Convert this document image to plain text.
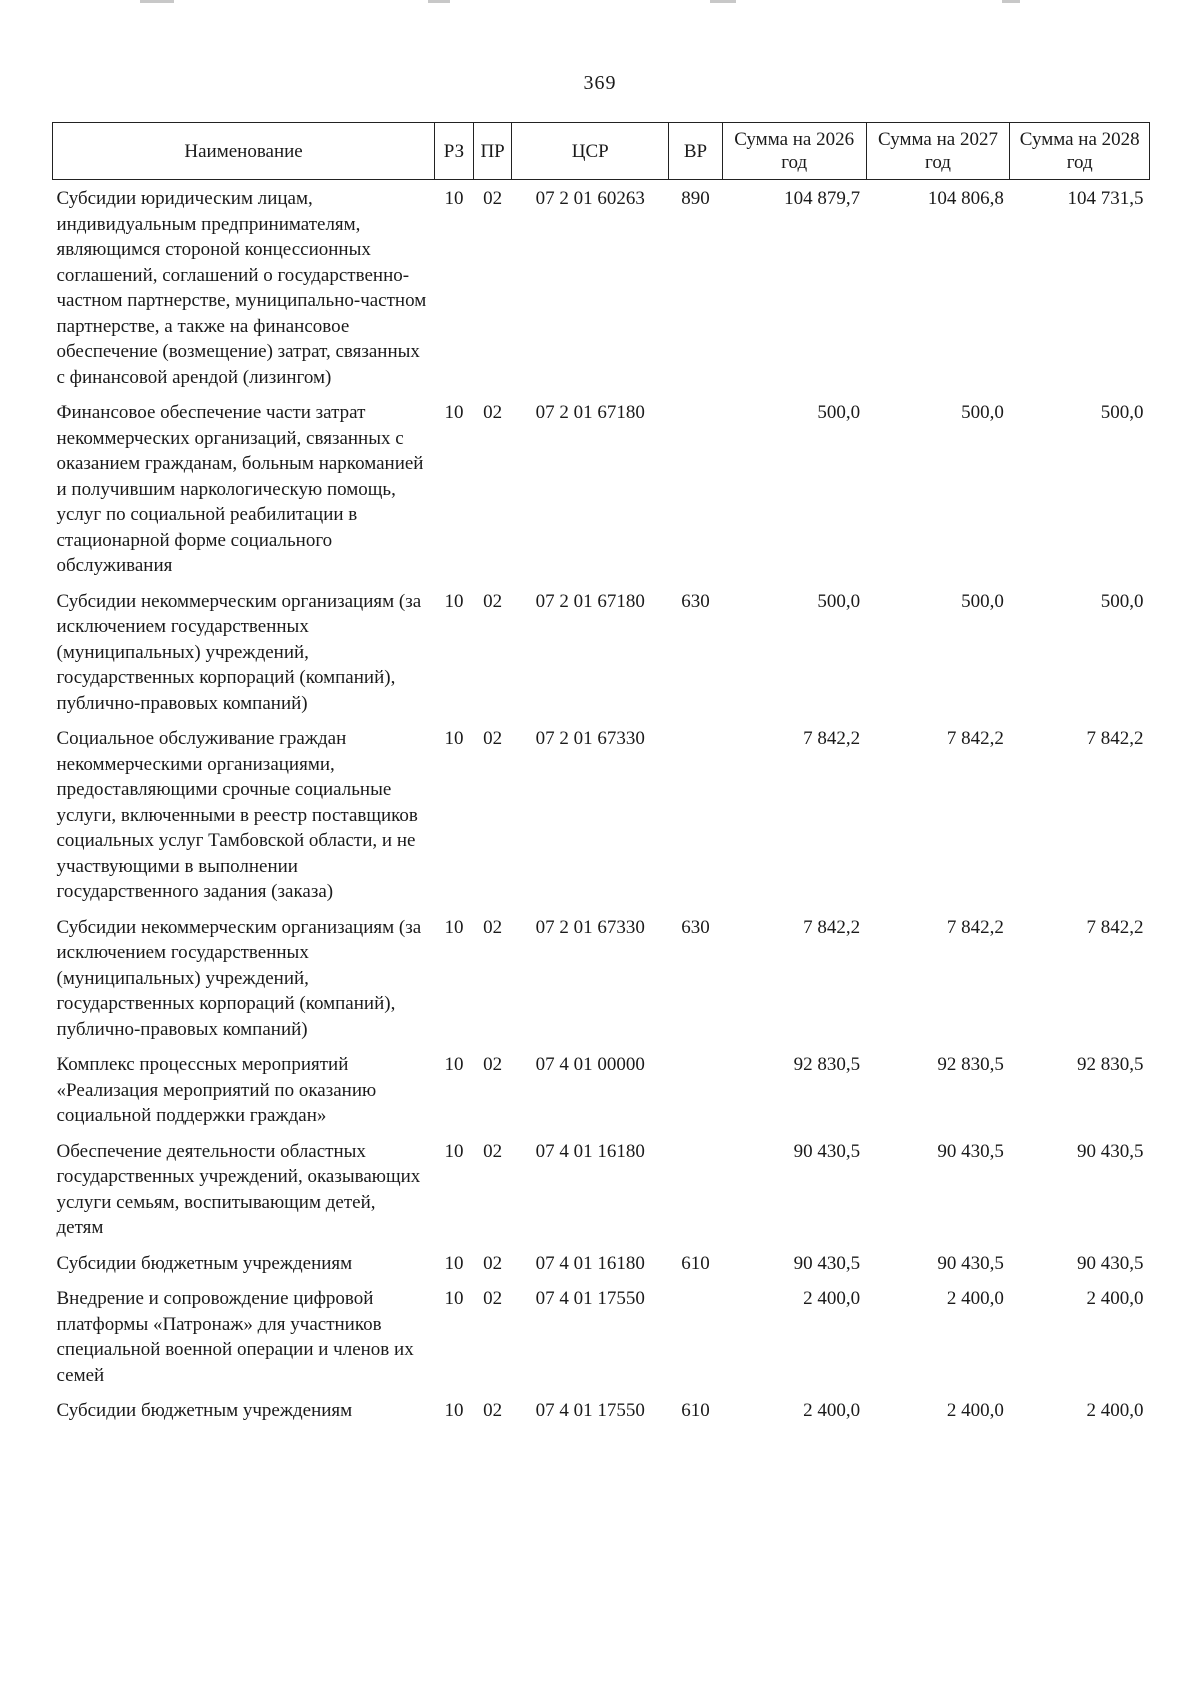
369
Наименование	РЗ	ПР	ЦСР	ВР	Сумма на 2026 год	Сумма на 2027 год	Сумма на 2028 год
Субсидии юридическим лицам, индивидуальным предпринимателям, являющимся стороной концессионных соглашений, соглашений о государственно-частном партнерстве, муниципально-частном партнерстве, а также на финансовое обеспечение (возмещение) затрат, связанных с финансовой арендой (лизингом)	10	02	07 2 01 60263	890	104 879,7	104 806,8	104 731,5
Финансовое обеспечение части затрат некоммерческих организаций, связанных с оказанием гражданам, больным наркоманией и получившим наркологическую помощь, услуг по социальной реабилитации в стационарной форме социального обслуживания	10	02	07 2 01 67180		500,0	500,0	500,0
Субсидии некоммерческим организациям (за исключением государственных (муниципальных) учреждений, государственных корпораций (компаний), публично-правовых компаний)	10	02	07 2 01 67180	630	500,0	500,0	500,0
Социальное обслуживание граждан некоммерческими организациями, предоставляющими срочные социальные услуги, включенными в реестр поставщиков социальных услуг Тамбовской области, и не участвующими в выполнении государственного задания (заказа)	10	02	07 2 01 67330		7 842,2	7 842,2	7 842,2
Субсидии некоммерческим организациям (за исключением государственных (муниципальных) учреждений, государственных корпораций (компаний), публично-правовых компаний)	10	02	07 2 01 67330	630	7 842,2	7 842,2	7 842,2
Комплекс процессных мероприятий «Реализация мероприятий по оказанию социальной поддержки граждан»	10	02	07 4 01 00000		92 830,5	92 830,5	92 830,5
Обеспечение деятельности областных государственных учреждений, оказывающих услуги семьям, воспитывающим детей, детям	10	02	07 4 01 16180		90 430,5	90 430,5	90 430,5
Субсидии бюджетным учреждениям	10	02	07 4 01 16180	610	90 430,5	90 430,5	90 430,5
Внедрение и сопровождение цифровой платформы «Патронаж» для участников специальной военной операции и членов их семей	10	02	07 4 01 17550		2 400,0	2 400,0	2 400,0
Субсидии бюджетным учреждениям	10	02	07 4 01 17550	610	2 400,0	2 400,0	2 400,0
